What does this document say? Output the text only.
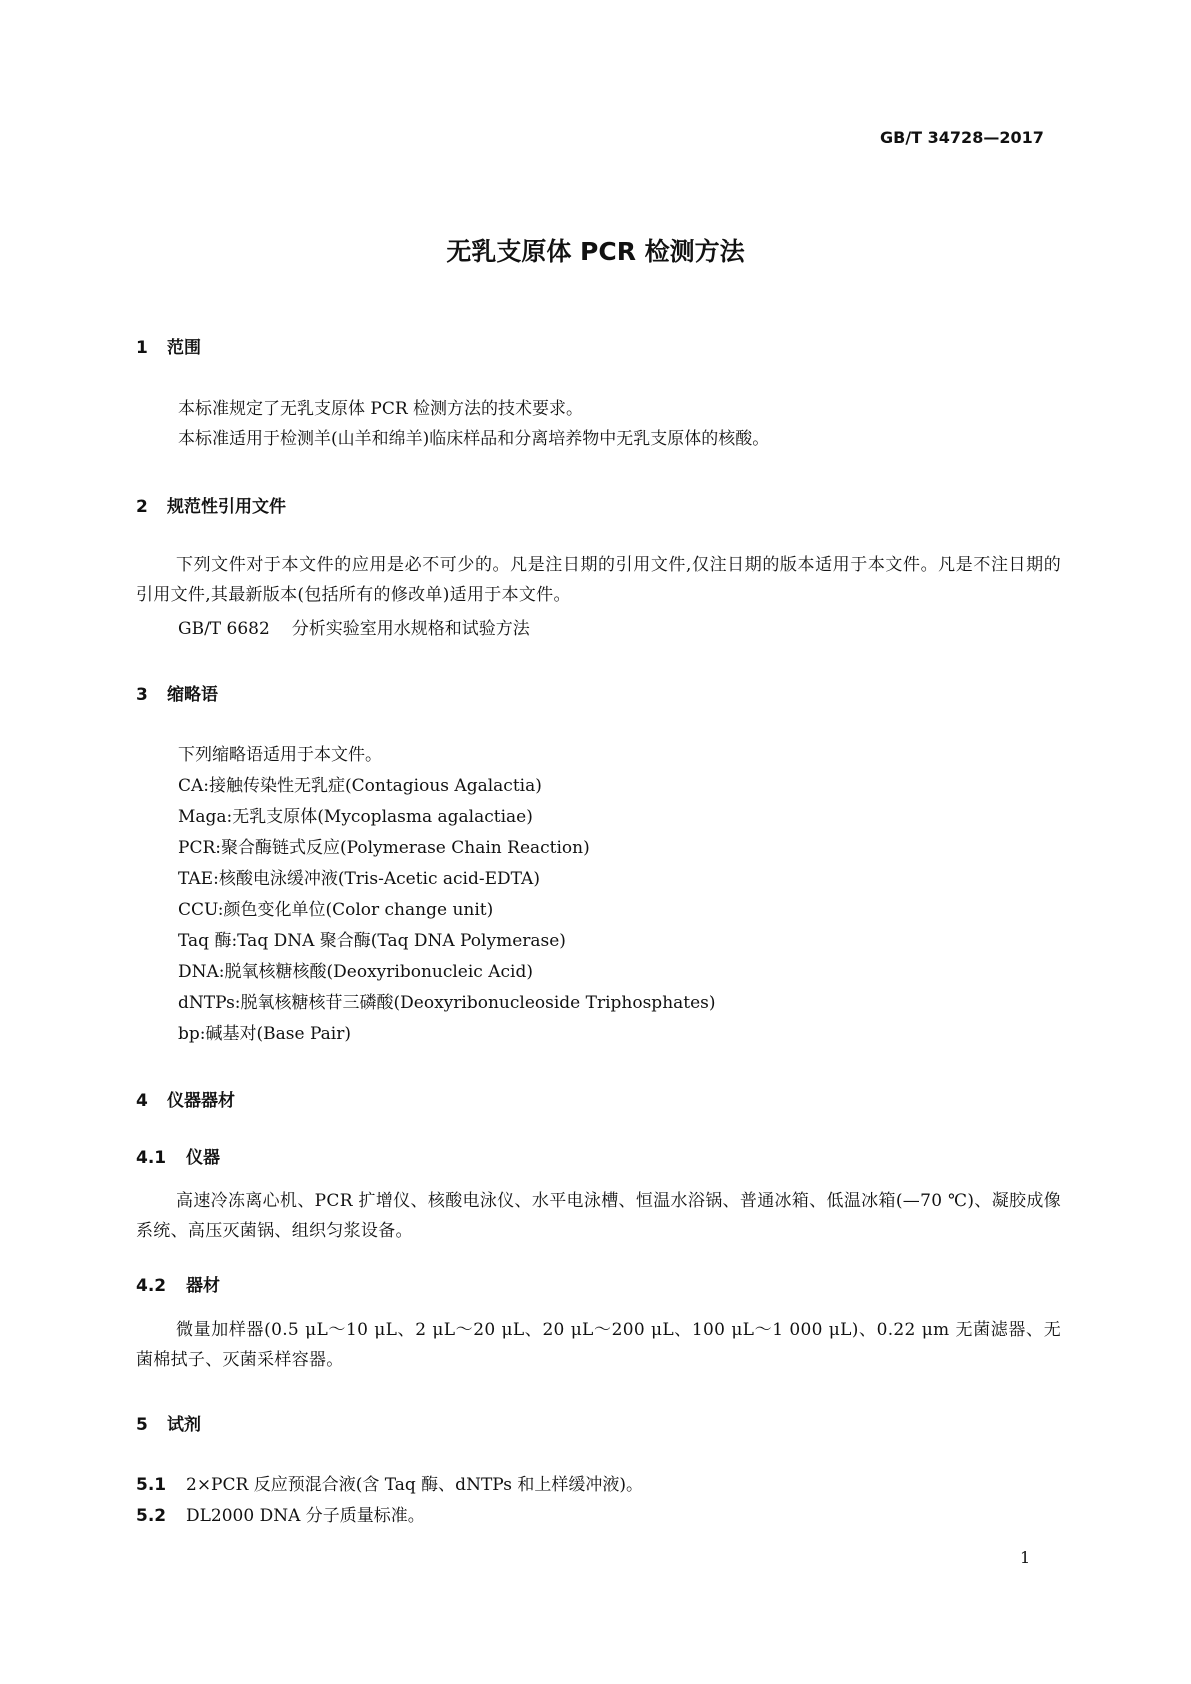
GB/T 34728—2017
无乳支原体 PCR 检测方法
1 范围
本标准规定了无乳支原体 PCR 检测方法的技术要求。
本标准适用于检测羊(山羊和绵羊)临床样品和分离培养物中无乳支原体的核酸。
2 规范性引用文件
下列文件对于本文件的应用是必不可少的。凡是注日期的引用文件,仅注日期的版本适用于本文件。凡是不注日期的引用文件,其最新版本(包括所有的修改单)适用于本文件。
GB/T 6682 分析实验室用水规格和试验方法
3 缩略语
下列缩略语适用于本文件。
CA:接触传染性无乳症(Contagious Agalactia)
Maga:无乳支原体(Mycoplasma agalactiae)
PCR:聚合酶链式反应(Polymerase Chain Reaction)
TAE:核酸电泳缓冲液(Tris-Acetic acid-EDTA)
CCU:颜色变化单位(Color change unit)
Taq 酶:Taq DNA 聚合酶(Taq DNA Polymerase)
DNA:脱氧核糖核酸(Deoxyribonucleic Acid)
dNTPs:脱氧核糖核苷三磷酸(Deoxyribonucleoside Triphosphates)
bp:碱基对(Base Pair)
4 仪器器材
4.1 仪器
高速冷冻离心机、PCR 扩增仪、核酸电泳仪、水平电泳槽、恒温水浴锅、普通冰箱、低温冰箱(—70 ℃)、凝胶成像系统、高压灭菌锅、组织匀浆设备。
4.2 器材
微量加样器(0.5 μL～10 μL、2 μL～20 μL、20 μL～200 μL、100 μL～1 000 μL)、0.22 μm 无菌滤器、无菌棉拭子、灭菌采样容器。
5 试剂
5.1 2×PCR 反应预混合液(含 Taq 酶、dNTPs 和上样缓冲液)。
5.2 DL2000 DNA 分子质量标准。
1
